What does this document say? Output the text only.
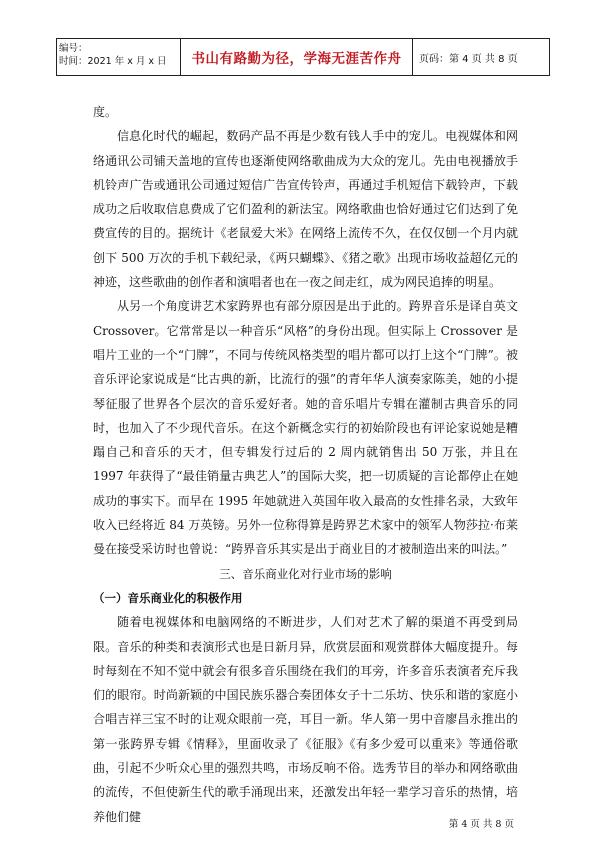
编号：
时间：2021 年 x 月 x 日	书山有路勤为径，学海无涯苦作舟	页码：第 4 页 共 8 页

度。

信息化时代的崛起，数码产品不再是少数有钱人手中的宠儿。电视媒体和网络通讯公司铺天盖地的宣传也逐渐使网络歌曲成为大众的宠儿。先由电视播放手机铃声广告或通讯公司通过短信广告宣传铃声，再通过手机短信下载铃声，下载成功之后收取信息费成了它们盈利的新法宝。网络歌曲也恰好通过它们达到了免费宣传的目的。据统计《老鼠爱大米》在网络上流传不久，在仅仅刨一个月内就创下 500 万次的手机下载纪录，《两只蝴蝶》、《猪之歌》出现市场收益超亿元的神迹，这些歌曲的创作者和演唱者也在一夜之间走红，成为网民追捧的明星。

从另一个角度讲艺术家跨界也有部分原因是出于此的。跨界音乐是译自英文 Crossover。它常常是以一种音乐“风格”的身份出现。但实际上 Crossover 是唱片工业的一个“门牌”，不同与传统风格类型的唱片都可以打上这个“门牌”。被音乐评论家说成是“比古典的新，比流行的强”的青年华人演奏家陈美，她的小提琴征服了世界各个层次的音乐爱好者。她的音乐唱片专辑在灌制古典音乐的同时，也加入了不少现代音乐。在这个新概念实行的初始阶段也有评论家说她是糟蹋自己和音乐的天才，但专辑发行过后的 2 周内就销售出 50 万张，并且在 1997 年获得了“最佳销量古典艺人”的国际大奖，把一切质疑的言论都停止在她成功的事实下。而早在 1995 年她就进入英国年收入最高的女性排名录，大致年收入已经将近 84 万英镑。另外一位称得算是跨界艺术家中的领军人物莎拉·布莱曼在接受采访时也曾说：“跨界音乐其实是出于商业目的才被制造出来的叫法。”

三、音乐商业化对行业市场的影响

（一）音乐商业化的积极作用

随着电视媒体和电脑网络的不断进步，人们对艺术了解的渠道不再受到局限。音乐的种类和表演形式也是日新月异，欣赏层面和观赏群体大幅度提升。每时每刻在不知不觉中就会有很多音乐围绕在我们的耳旁，许多音乐表演者充斥我们的眼帘。时尚新颖的中国民族乐器合奏团体女子十二乐坊、快乐和谐的家庭小合唱吉祥三宝不时的让观众眼前一亮，耳目一新。华人第一男中音廖昌永推出的第一张跨界专辑《情释》，里面收录了《征服》《有多少爱可以重来》等通俗歌曲，引起不少听众心里的强烈共鸣，市场反响不俗。选秀节目的举办和网络歌曲的流传，不但使新生代的歌手涌现出来，还激发出年轻一辈学习音乐的热情，培养他们健

第 4 页 共 8 页
